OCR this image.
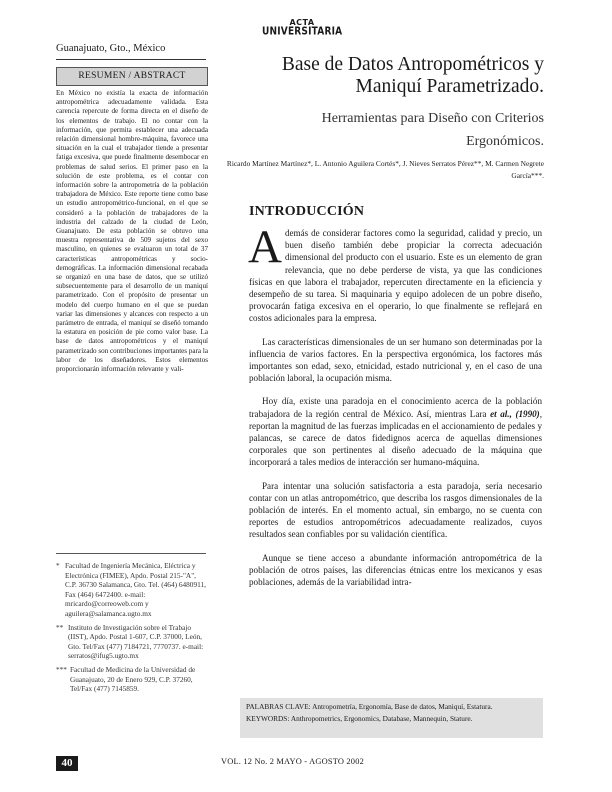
Guanajuato, Gto., México
ACTA
UNIVERSITARIA
RESUMEN / ABSTRACT
En México no existía la exacta de información antropométrica adecuadamente validada. Esta carencia repercute de forma directa en el diseño de los elementos de trabajo. El no contar con la información, que permita establecer una adecuada relación dimensional hombre-máquina, favorece una situación en la cual el trabajador tiende a presentar fatiga excesiva, que puede finalmente desembocar en problemas de salud serios. El primer paso en la solución de este problema, es el contar con información sobre la antropometría de la población trabajadora de México. Este reporte tiene como base un estudio antropométrico-funcional, en el que se consideró a la población de trabajadores de la industria del calzado de la ciudad de León, Guanajuato. De esta población se obtuvo una muestra representativa de 509 sujetos del sexo masculino, en quienes se evaluaron un total de 37 características antropométricas y socio-demográficas. La información dimensional recabada se organizó en una base de datos, que se utilizó subsecuentemente para el desarrollo de un maniquí parametrizado. Con el propósito de presentar un modelo del cuerpo humano en el que se puedan variar las dimensiones y alcances con respecto a un parámetro de entrada, el maniquí se diseñó tomando la estatura en posición de pie como valor base. La base de datos antropométricos y el maniquí parametrizado son contribuciones importantes para la labor de los diseñadores. Estos elementos proporcionarán información relevante y vali-
* Facultad de Ingeniería Mecánica, Eléctrica y Electrónica (FIMEE), Apdo. Postal 215-"A", C.P. 36730 Salamanca, Gto. Tel. (464) 6480911, Fax (464) 6472400. e-mail: mricardo@correoweb.com y aguilera@salamanca.ugto.mx
** Instituto de Investigación sobre el Trabajo (IIST), Apdo. Postal 1-607, C.P. 37000, León, Gto. Tel/Fax (477) 7184721, 7770737. e-mail: serratos@ifug5.ugto.mx
*** Facultad de Medicina de la Universidad de Guanajuato, 20 de Enero 929, C.P. 37260, Tel/Fax (477) 7145859.
Base de Datos Antropométricos y Maniquí Parametrizado.
Herramientas para Diseño con Criterios Ergonómicos.
Ricardo Martínez Martínez*, L. Antonio Aguilera Cortés*, J. Nieves Serratos Pérez**, M. Carmen Negrete García***.
INTRODUCCIÓN

Además de considerar factores como la seguridad, calidad y precio, un buen diseño también debe propiciar la correcta adecuación dimensional del producto con el usuario. Este es un elemento de gran relevancia, que no debe perderse de vista, ya que las condiciones físicas en que labora el trabajador, repercuten directamente en la eficiencia y desempeño de su tarea. Si maquinaria y equipo adolecen de un pobre diseño, provocarán fatiga excesiva en el operario, lo que finalmente se reflejará en costos adicionales para la empresa.

Las características dimensionales de un ser humano son determinadas por la influencia de varios factores. En la perspectiva ergonómica, los factores más importantes son edad, sexo, etnicidad, estado nutricional y, en el caso de una población laboral, la ocupación misma.

Hoy día, existe una paradoja en el conocimiento acerca de la población trabajadora de la región central de México. Así, mientras Lara et al., (1990), reportan la magnitud de las fuerzas implicadas en el accionamiento de pedales y palancas, se carece de datos fidedignos acerca de aquellas dimensiones corporales que son pertinentes al diseño adecuado de la máquina que incorporará a tales medios de interacción ser humano-máquina.

Para intentar una solución satisfactoria a esta paradoja, sería necesario contar con un atlas antropométrico, que describa los rasgos dimensionales de la población de interés. En el momento actual, sin embargo, no se cuenta con reportes de estudios antropométricos adecuadamente realizados, cuyos resultados sean confiables por su validación científica.

Aunque se tiene acceso a abundante información antropométrica de la población de otros países, las diferencias étnicas entre los mexicanos y esas poblaciones, además de la variabilidad intra-

PALABRAS CLAVE: Antropometría, Ergonomía, Base de datos, Maniquí, Estatura.
KEYWORDS: Anthropometrics, Ergonomics, Database, Mannequin, Stature.
40	VOL. 12 No. 2 MAYO - AGOSTO 2002
